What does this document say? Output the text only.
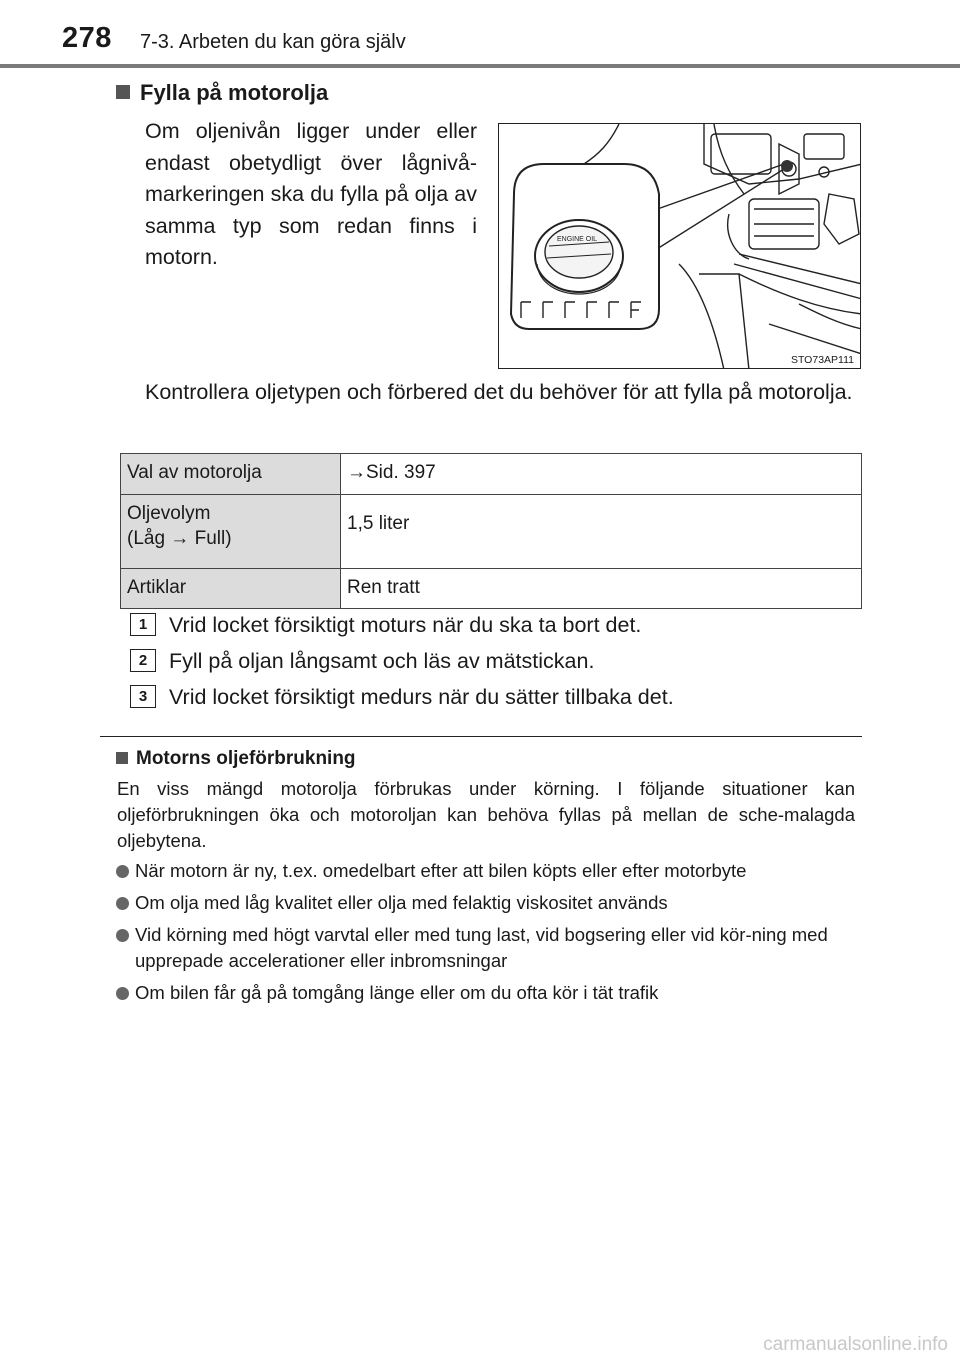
278 7-3. Arbeten du kan göra själv
Fylla på motorolja
Om oljenivån ligger under eller endast obetydligt över lågnivå-markeringen ska du fylla på olja av samma typ som redan finns i motorn.
ENGINE OIL
STO73AP111
Kontrollera oljetypen och förbered det du behöver för att fylla på motorolja.
Val av motorolja	→Sid. 397
Oljevolym
(Låg → Full)	1,5 liter
Artiklar	Ren tratt
1	Vrid locket försiktigt moturs när du ska ta bort det.
2	Fyll på oljan långsamt och läs av mätstickan.
3	Vrid locket försiktigt medurs när du sätter tillbaka det.
Motorns oljeförbrukning
En viss mängd motorolja förbrukas under körning. I följande situationer kan oljeförbrukningen öka och motoroljan kan behöva fyllas på mellan de sche-malagda oljebytena.
När motorn är ny, t.ex. omedelbart efter att bilen köpts eller efter motorbyte
Om olja med låg kvalitet eller olja med felaktig viskositet används
Vid körning med högt varvtal eller med tung last, vid bogsering eller vid kör-ning med upprepade accelerationer eller inbromsningar
Om bilen får gå på tomgång länge eller om du ofta kör i tät trafik
carmanualsonline.info
